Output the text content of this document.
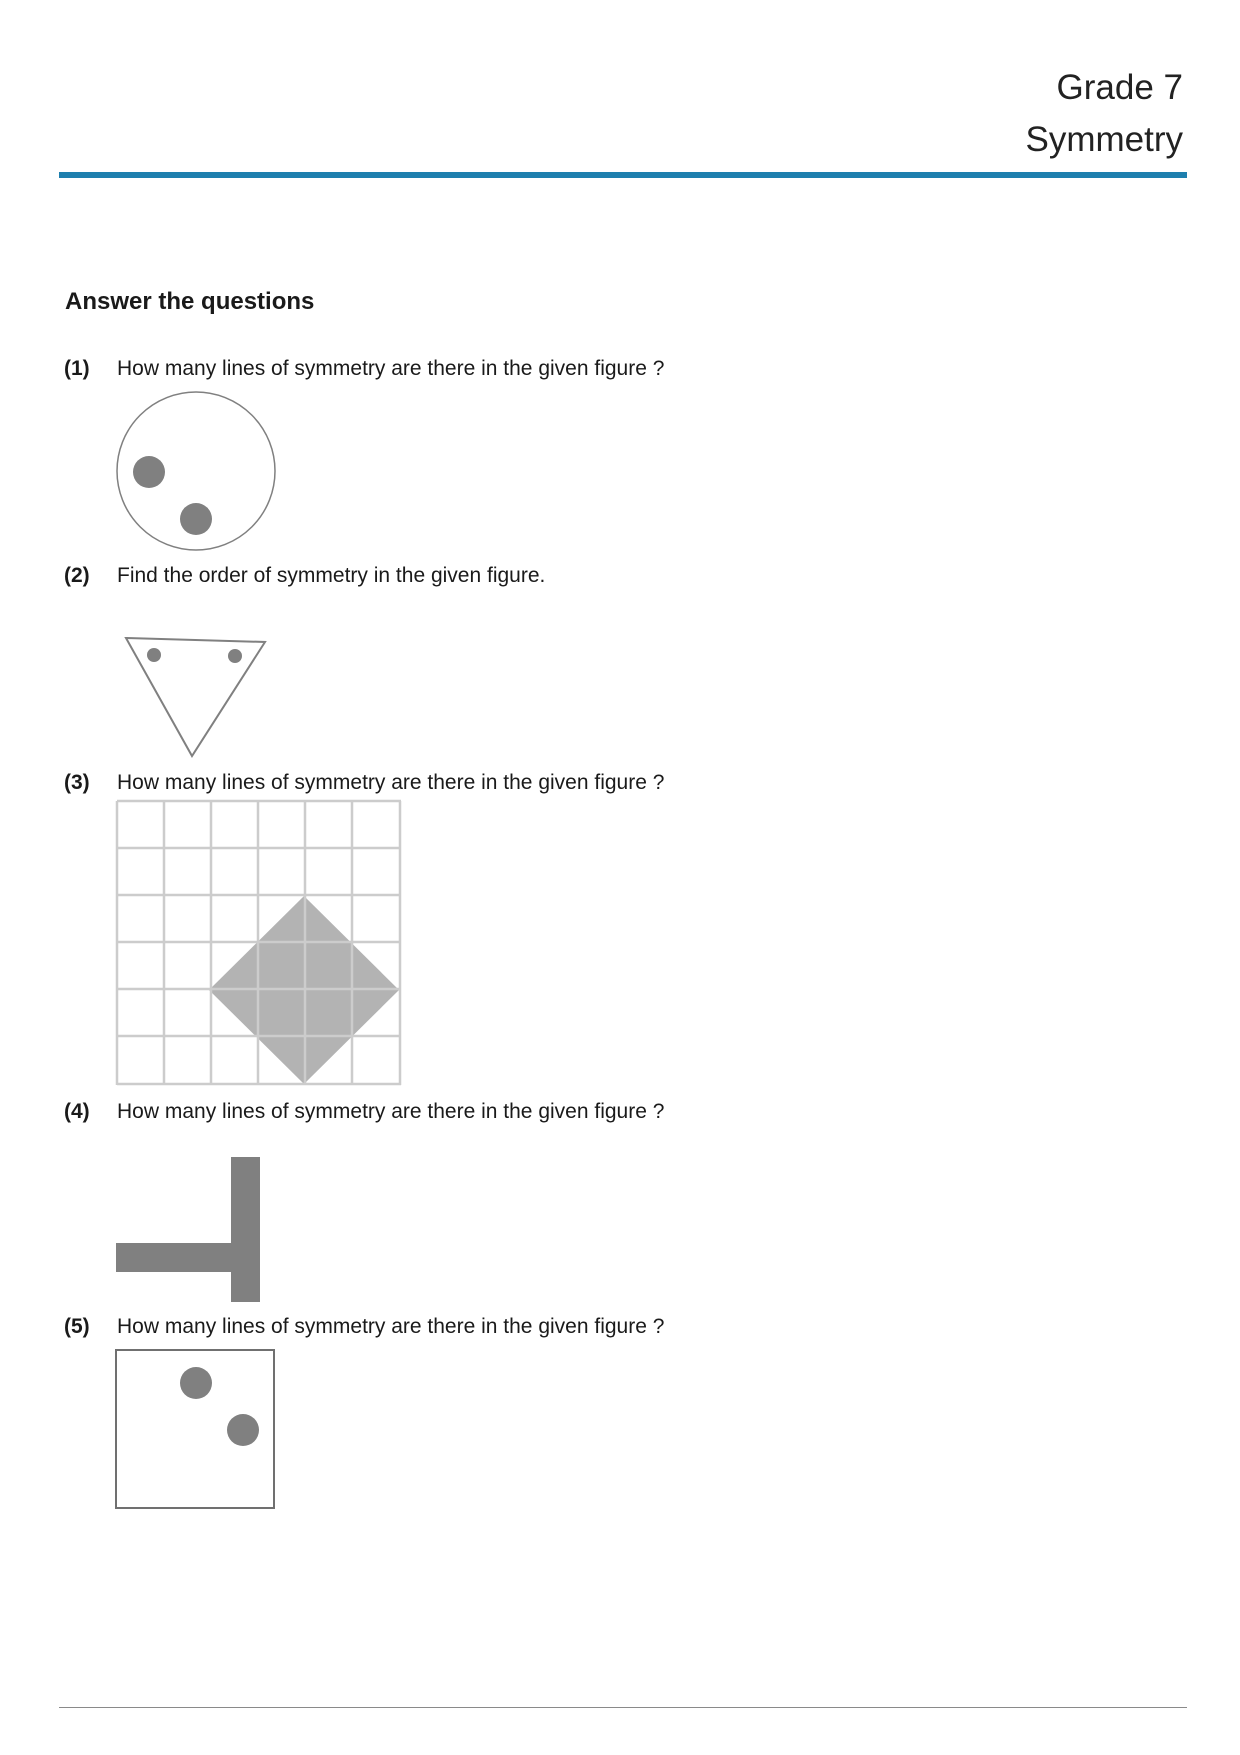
Grade 7
Symmetry
Answer the questions
(1) How many lines of symmetry are there in the given figure ?
(2) Find the order of symmetry in the given figure.
(3) How many lines of symmetry are there in the given figure ?
(4) How many lines of symmetry are there in the given figure ?
(5) How many lines of symmetry are there in the given figure ?
